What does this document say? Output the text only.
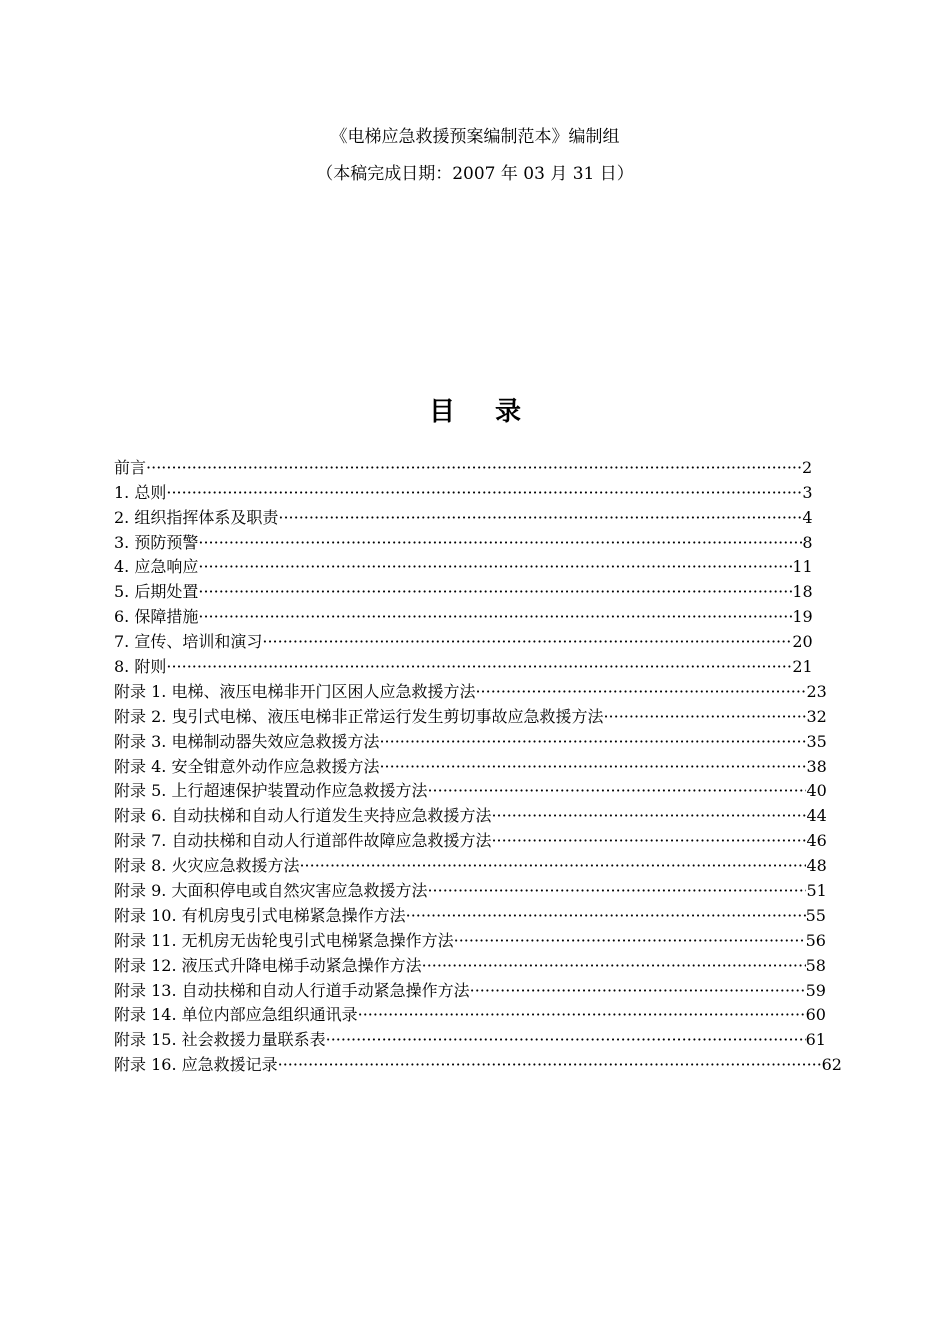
《电梯应急救援预案编制范本》编制组
（本稿完成日期：2007 年 03 月 31 日）
目录
前言 ·····	2
1. 总则 ·····	3
2. 组织指挥体系及职责 ·····	4
3. 预防预警 ·····	8
4. 应急响应 ·····	11
5. 后期处置 ·····	18
6. 保障措施 ·····	19
7. 宣传、培训和演习 ·····	20
8. 附则 ·····	21
附录 1. 电梯、液压电梯非开门区困人应急救援方法 ·····	23
附录 2. 曳引式电梯、液压电梯非正常运行发生剪切事故应急救援方法 ·····	32
附录 3. 电梯制动器失效应急救援方法 ·····	35
附录 4. 安全钳意外动作应急救援方法 ·····	38
附录 5. 上行超速保护装置动作应急救援方法 ·····	40
附录 6. 自动扶梯和自动人行道发生夹持应急救援方法 ·····	44
附录 7. 自动扶梯和自动人行道部件故障应急救援方法 ·····	46
附录 8. 火灾应急救援方法 ·····	48
附录 9. 大面积停电或自然灾害应急救援方法 ·····	51
附录 10. 有机房曳引式电梯紧急操作方法 ·····	55
附录 11. 无机房无齿轮曳引式电梯紧急操作方法 ·····	56
附录 12. 液压式升降电梯手动紧急操作方法 ·····	58
附录 13. 自动扶梯和自动人行道手动紧急操作方法 ·····	59
附录 14. 单位内部应急组织通讯录 ·····	60
附录 15. 社会救援力量联系表 ·····	61
附录 16. 应急救援记录 ·····	62
